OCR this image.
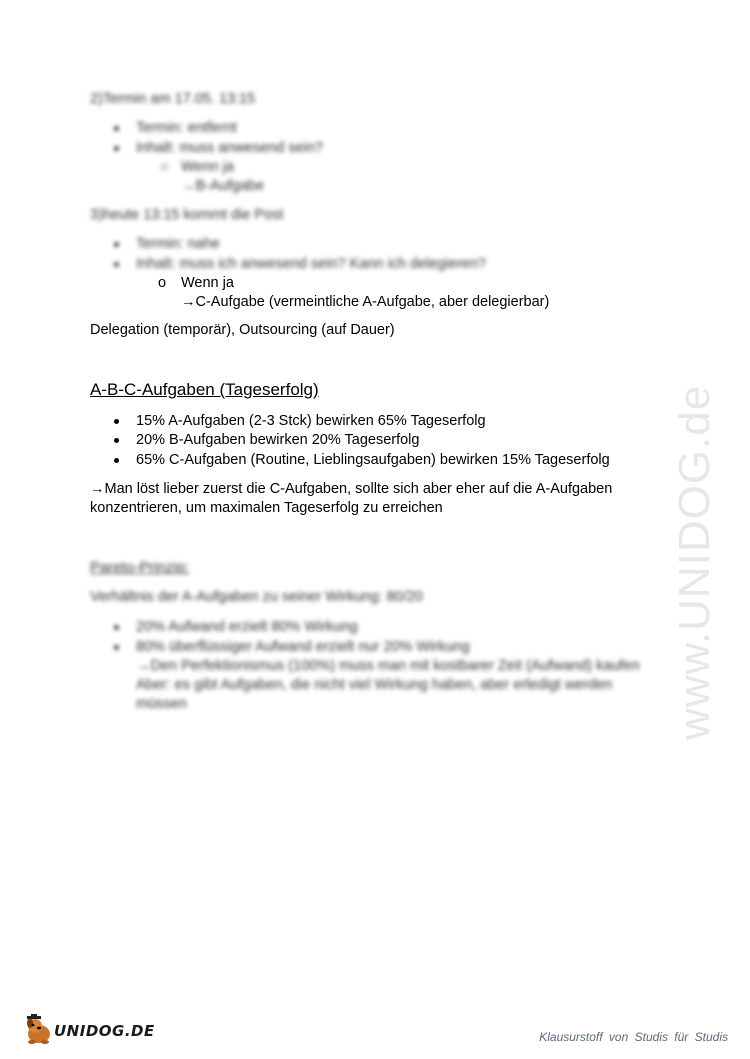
www.UNIDOG.de
2)Termin am 17.05. 13:15
Termin: entfernt
Inhalt: muss anwesend sein?
○ Wenn ja
→B-Aufgabe
3)heute 13:15 kommt die Post
Termin: nahe
Inhalt: muss ich anwesend sein? Kann ich delegieren?
o Wenn ja
→C-Aufgabe (vermeintliche A-Aufgabe, aber delegierbar)
Delegation (temporär), Outsourcing (auf Dauer)
A-B-C-Aufgaben (Tageserfolg)
15% A-Aufgaben (2-3 Stck) bewirken 65% Tageserfolg
20% B-Aufgaben bewirken 20% Tageserfolg
65% C-Aufgaben (Routine, Lieblingsaufgaben) bewirken 15% Tageserfolg
→Man löst lieber zuerst die C-Aufgaben, sollte sich aber eher auf die A-Aufgaben
konzentrieren, um maximalen Tageserfolg zu erreichen
Pareto-Prinzip:
Verhältnis der A-Aufgaben zu seiner Wirkung: 80/20
20% Aufwand erzielt 80% Wirkung
80% überflüssiger Aufwand erzielt nur 20% Wirkung
→Den Perfektionismus (100%) muss man mit kostbarer Zeit (Aufwand) kaufen
Aber: es gibt Aufgaben, die nicht viel Wirkung haben, aber erledigt werden
müssen
UNIDOG.DE	Klausurstoff von Studis für Studis
